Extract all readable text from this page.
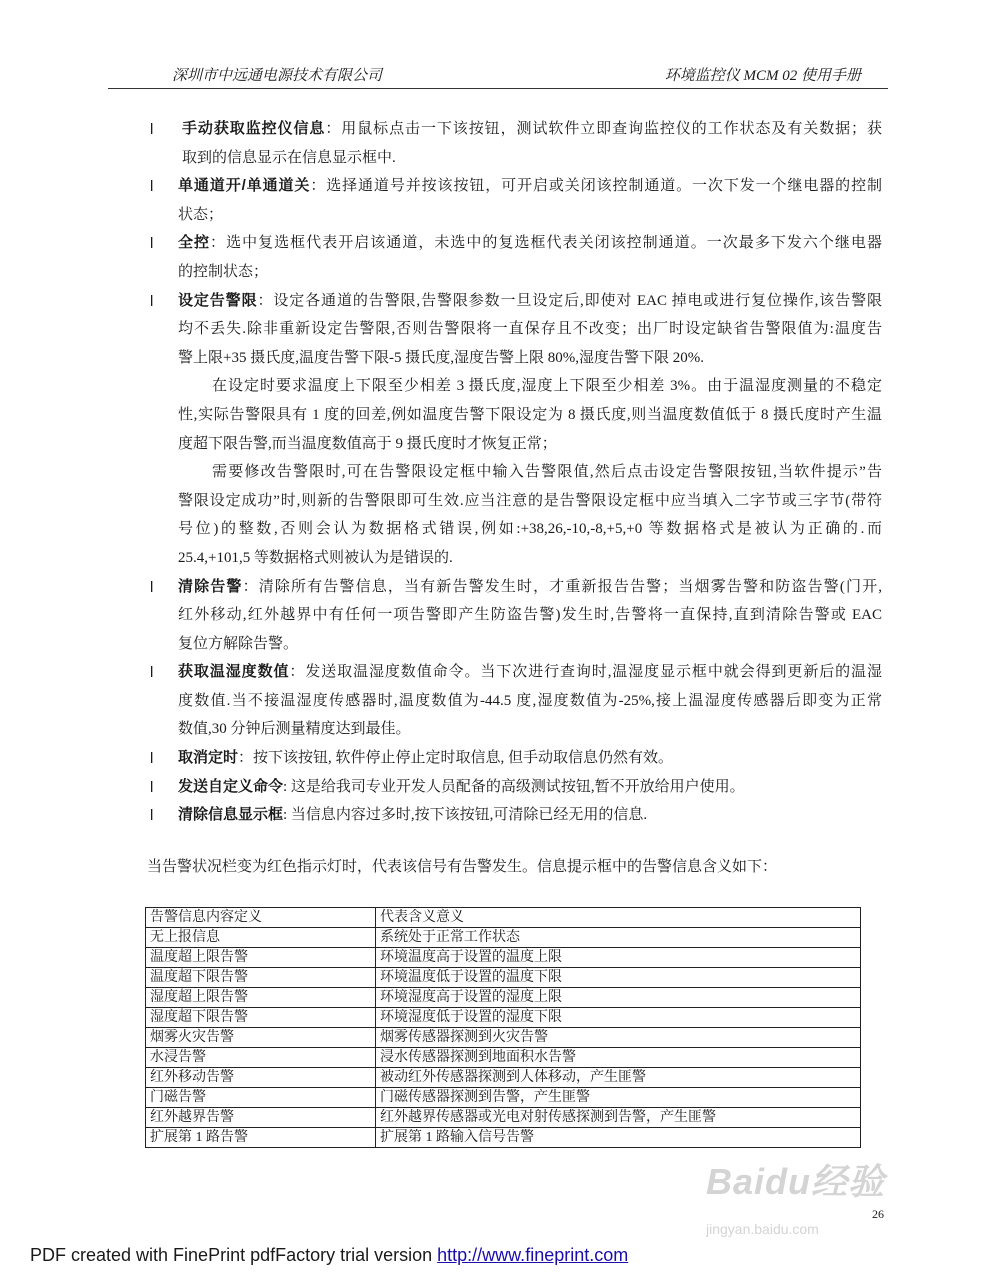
深圳市中远通电源技术有限公司	环境监控仪 MCM 02 使用手册
l 手动获取监控仪信息：用鼠标点击一下该按钮，测试软件立即查询监控仪的工作状态及有关数据；获
取到的信息显示在信息显示框中.
l 单通道开/单通道关：选择通道号并按该按钮，可开启或关闭该控制通道。一次下发一个继电器的控制
状态；
l 全控：选中复选框代表开启该通道，未选中的复选框代表关闭该控制通道。一次最多下发六个继电器
的控制状态；
l 设定告警限：设定各通道的告警限,告警限参数一旦设定后,即使对 EAC 掉电或进行复位操作,该告警限
均不丢失.除非重新设定告警限,否则告警限将一直保存且不改变；出厂时设定缺省告警限值为:温度告
警上限+35 摄氏度,温度告警下限-5 摄氏度,湿度告警上限 80%,湿度告警下限 20%.
在设定时要求温度上下限至少相差 3 摄氏度,湿度上下限至少相差 3%。由于温湿度测量的不稳定
性,实际告警限具有 1 度的回差,例如温度告警下限设定为 8 摄氏度,则当温度数值低于 8 摄氏度时产生温
度超下限告警,而当温度数值高于 9 摄氏度时才恢复正常；
需要修改告警限时,可在告警限设定框中输入告警限值,然后点击设定告警限按钮,当软件提示”告
警限设定成功”时,则新的告警限即可生效.应当注意的是告警限设定框中应当填入二字节或三字节(带符
号位)的整数,否则会认为数据格式错误,例如:+38,26,-10,-8,+5,+0 等数据格式是被认为正确的.而
25.4,+101,5 等数据格式则被认为是错误的.
l 清除告警：清除所有告警信息，当有新告警发生时，才重新报告告警；当烟雾告警和防盗告警(门开,
红外移动,红外越界中有任何一项告警即产生防盗告警)发生时,告警将一直保持,直到清除告警或 EAC
复位方解除告警。
l 获取温湿度数值：发送取温湿度数值命令。当下次进行查询时,温湿度显示框中就会得到更新后的温湿
度数值.当不接温湿度传感器时,温度数值为-44.5 度,湿度数值为-25%,接上温湿度传感器后即变为正常
数值,30 分钟后测量精度达到最佳。
l 取消定时：按下该按钮, 软件停止停止定时取信息, 但手动取信息仍然有效。
l 发送自定义命令: 这是给我司专业开发人员配备的高级测试按钮,暂不开放给用户使用。
l 清除信息显示框: 当信息内容过多时,按下该按钮,可清除已经无用的信息.
当告警状况栏变为红色指示灯时，代表该信号有告警发生。信息提示框中的告警信息含义如下：
告警信息内容定义	代表含义意义
无上报信息	系统处于正常工作状态
温度超上限告警	环境温度高于设置的温度上限
温度超下限告警	环境温度低于设置的温度下限
湿度超上限告警	环境湿度高于设置的湿度上限
湿度超下限告警	环境湿度低于设置的湿度下限
烟雾火灾告警	烟雾传感器探测到火灾告警
水浸告警	浸水传感器探测到地面积水告警
红外移动告警	被动红外传感器探测到人体移动，产生匪警
门磁告警	门磁传感器探测到告警，产生匪警
红外越界告警	红外越界传感器或光电对射传感探测到告警，产生匪警
扩展第 1 路告警	扩展第 1 路输入信号告警
Baidu经验
jingyan.baidu.com
26
PDF created with FinePrint pdfFactory trial version http://www.fineprint.com
